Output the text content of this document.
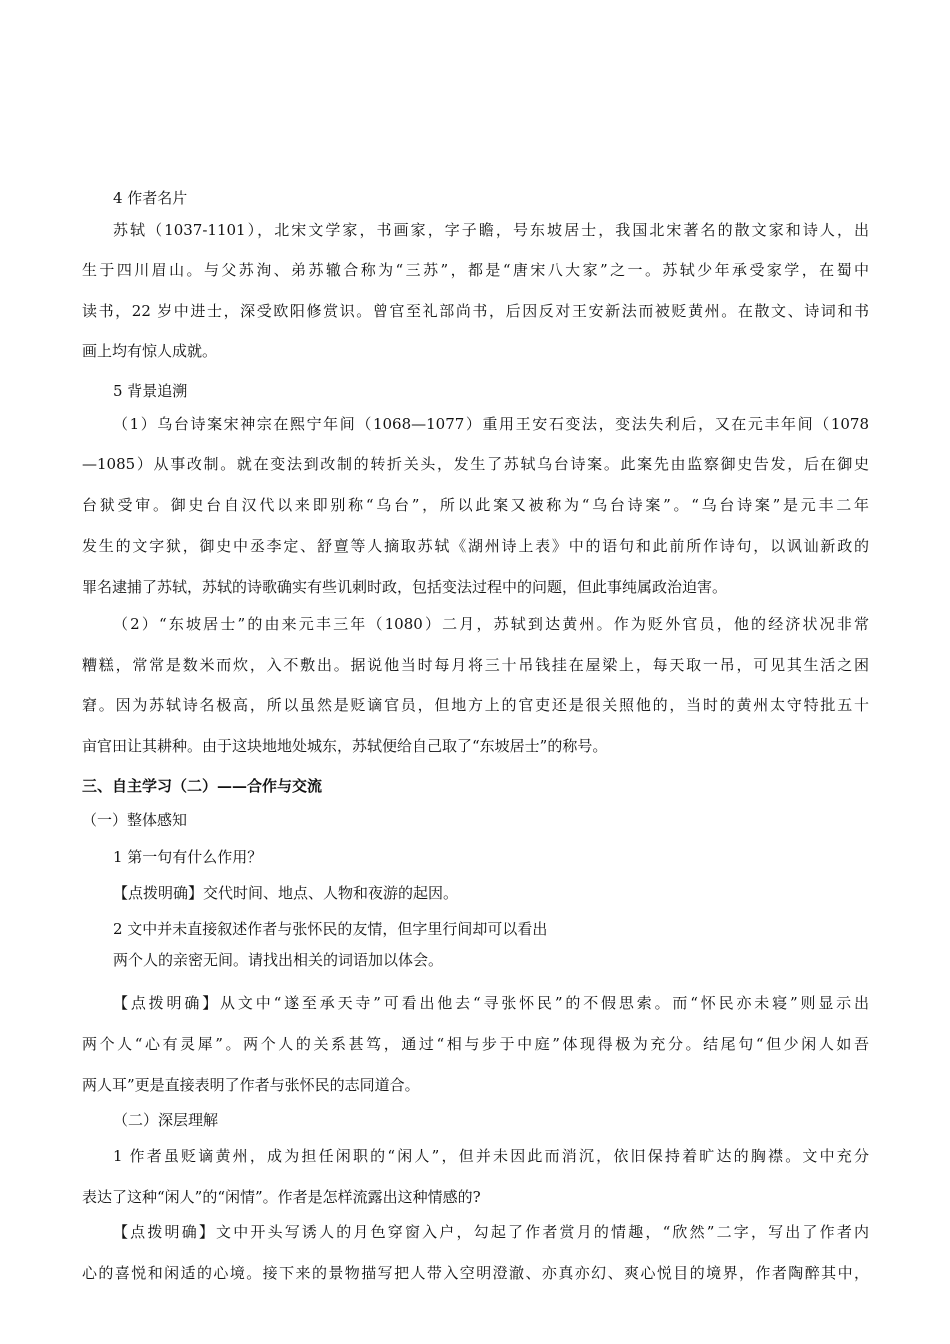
4 作者名片
苏轼（1037-1101），北宋文学家，书画家，字子瞻，号东坡居士，我国北宋著名的散文家和诗人，出
生于四川眉山。与父苏洵、弟苏辙合称为“三苏”，都是“唐宋八大家”之一。苏轼少年承受家学，在蜀中
读书，22 岁中进士，深受欧阳修赏识。曾官至礼部尚书，后因反对王安新法而被贬黄州。在散文、诗词和书
画上均有惊人成就。
5 背景追溯
（1）乌台诗案宋神宗在熙宁年间（1068—1077）重用王安石变法，变法失利后，又在元丰年间（1078
—1085）从事改制。就在变法到改制的转折关头，发生了苏轼乌台诗案。此案先由监察御史告发，后在御史
台狱受审。御史台自汉代以来即别称“乌台”，所以此案又被称为“乌台诗案”。“乌台诗案”是元丰二年
发生的文字狱，御史中丞李定、舒亶等人摘取苏轼《湖州诗上表》中的语句和此前所作诗句，以讽讪新政的
罪名逮捕了苏轼，苏轼的诗歌确实有些讥刺时政，包括变法过程中的问题，但此事纯属政治迫害。
（2）“东坡居士”的由来元丰三年（1080）二月，苏轼到达黄州。作为贬外官员，他的经济状况非常
糟糕，常常是数米而炊，入不敷出。据说他当时每月将三十吊钱挂在屋梁上，每天取一吊，可见其生活之困
窘。因为苏轼诗名极高，所以虽然是贬谪官员，但地方上的官吏还是很关照他的，当时的黄州太守特批五十
亩官田让其耕种。由于这块地地处城东，苏轼便给自己取了“东坡居士”的称号。
三、自主学习（二）——合作与交流
（一）整体感知
1 第一句有什么作用？
【点拨明确】交代时间、地点、人物和夜游的起因。
2 文中并未直接叙述作者与张怀民的友情，但字里行间却可以看出
两个人的亲密无间。请找出相关的词语加以体会。
【点拨明确】从文中“遂至承天寺”可看出他去“寻张怀民”的不假思索。而“怀民亦未寝”则显示出
两个人“心有灵犀”。两个人的关系甚笃，通过“相与步于中庭”体现得极为充分。结尾句“但少闲人如吾
两人耳”更是直接表明了作者与张怀民的志同道合。
（二）深层理解
1 作者虽贬谪黄州，成为担任闲职的“闲人”，但并未因此而消沉，依旧保持着旷达的胸襟。文中充分
表达了这种“闲人”的“闲情”。作者是怎样流露出这种情感的?
【点拨明确】文中开头写诱人的月色穿窗入户，勾起了作者赏月的情趣，“欣然”二字，写出了作者内
心的喜悦和闲适的心境。接下来的景物描写把人带入空明澄澈、亦真亦幻、爽心悦目的境界，作者陶醉其中，
